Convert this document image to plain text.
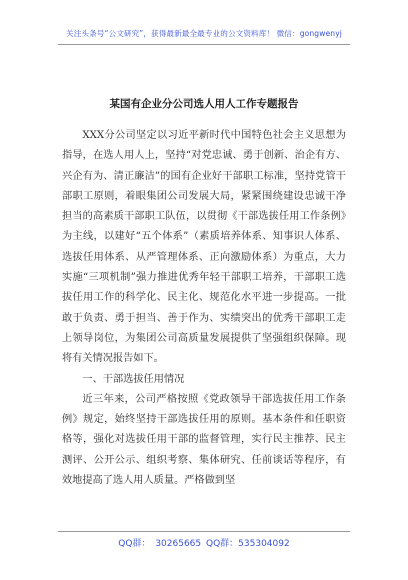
关注头条号“公文研究”，获得最新最全最专业的公文资料库！ 微信：gongwenyj
某国有企业分公司选人用人工作专题报告

XXX分公司坚定以习近平新时代中国特色社会主义思想为指导，在选人用人上，坚持“对党忠诚、勇于创新、治企有方、兴企有为、清正廉洁”的国有企业好干部职工标准，坚持党管干部职工原则，着眼集团公司发展大局，紧紧围绕建设忠诚干净担当的高素质干部职工队伍，以贯彻《干部选拔任用工作条例》为主线，以建好“五个体系”（素质培养体系、知事识人体系、选拔任用体系、从严管理体系、正向激励体系）为重点，大力实施“三项机制”强力推进优秀年轻干部职工培养，干部职工选拔任用工作的科学化、民主化、规范化水平进一步提高。一批敢于负责、勇于担当、善于作为、实绩突出的优秀干部职工走上领导岗位，为集团公司高质量发展提供了坚强组织保障。现将有关情况报告如下。

一、干部选拔任用情况

近三年来，公司严格按照《党政领导干部选拔任用工作条例》规定，始终坚持干部选拔任用的原则。基本条件和任职资格等，强化对选拔任用干部的监督管理，实行民主推荐、民主测评、公开公示、组织考察、集体研究、任前谈话等程序，有效地提高了选人用人质量。严格做到坚

QQ群： 30265665 QQ群：535304092
